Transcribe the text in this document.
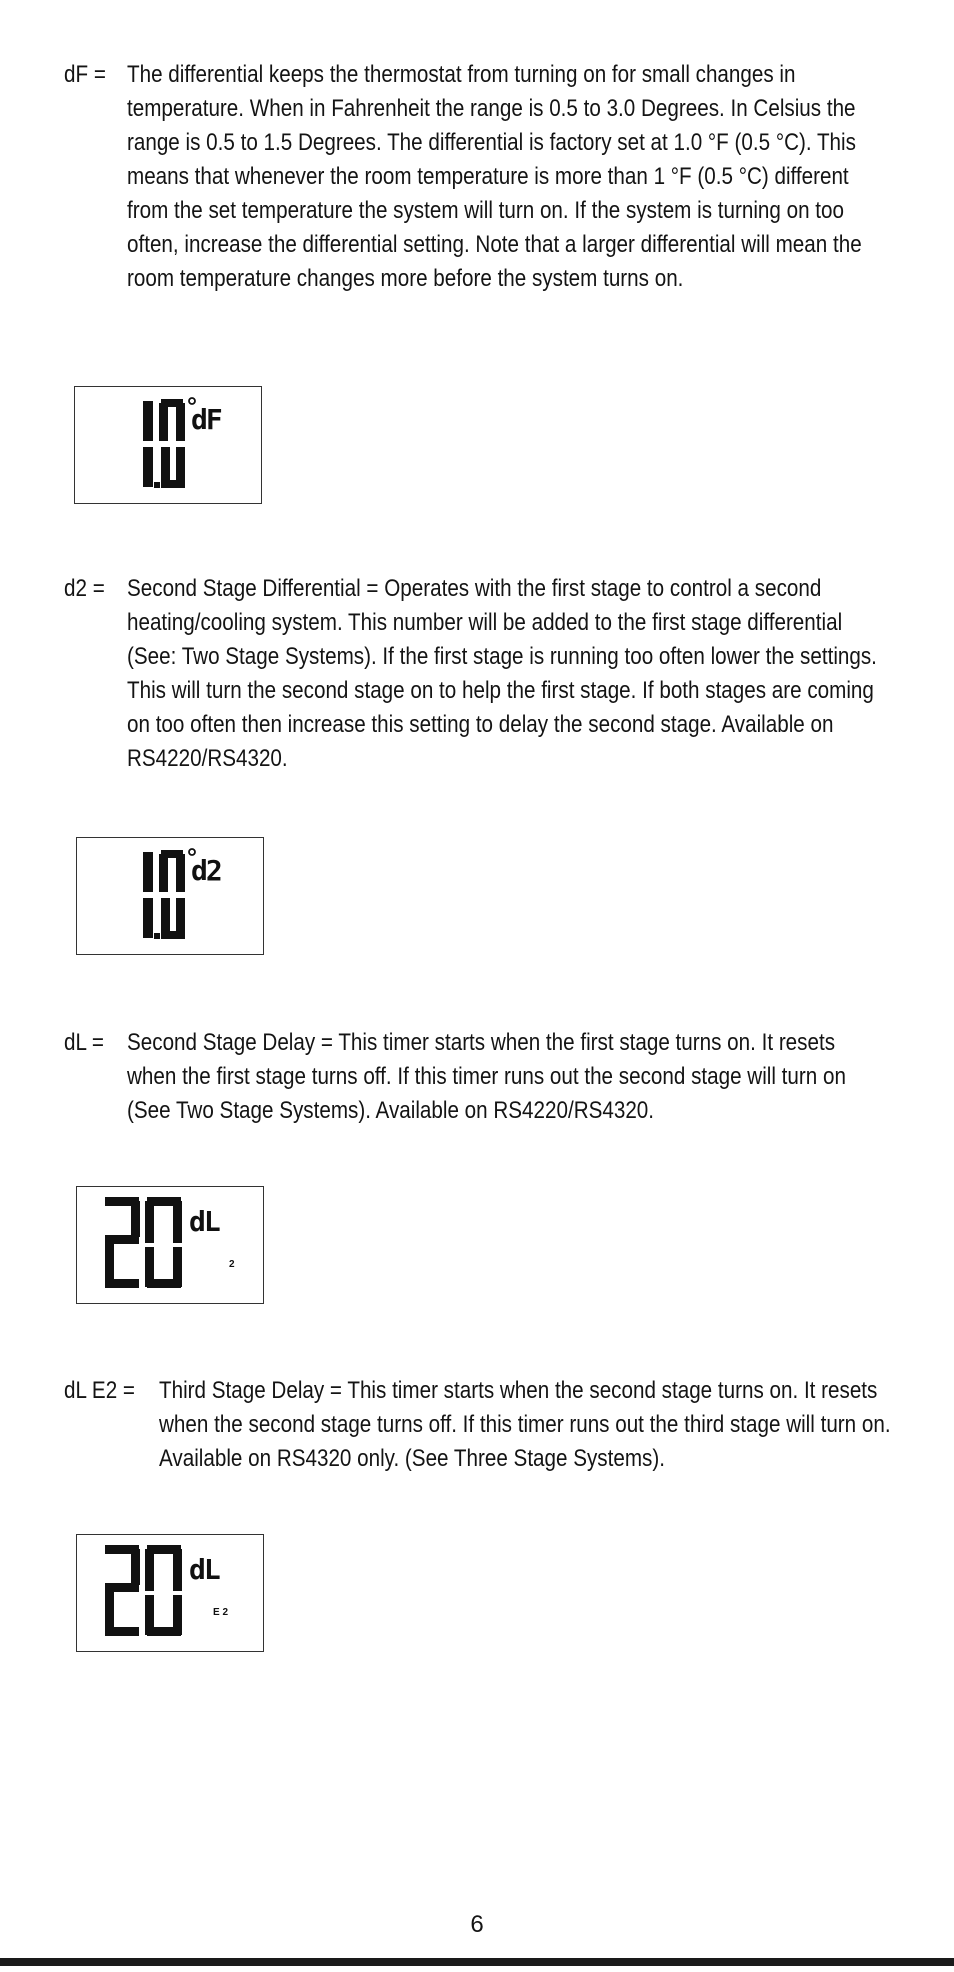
dF = The differential keeps the thermostat from turning on for small changes in temperature. When in Fahrenheit the range is 0.5 to 3.0 Degrees. In Celsius the range is 0.5 to 1.5 Degrees. The differential is factory set at 1.0 °F (0.5 °C). This means that whenever the room temperature is more than 1 °F (0.5 °C) different from the set temperature the system will turn on. If the system is turning on too often, increase the differential setting. Note that a larger differential will mean the room temperature changes more before the system turns on.
dF
d2 = Second Stage Differential = Operates with the first stage to control a second heating/cooling system. This number will be added to the first stage differential (See: Two Stage Systems). If the first stage is running too often lower the settings. This will turn the second stage on to help the first stage. If both stages are coming on too often then increase this setting to delay the second stage. Available on RS4220/RS4320.
d2
dL = Second Stage Delay = This timer starts when the first stage turns on. It resets when the first stage turns off. If this timer runs out the second stage will turn on (See Two Stage Systems). Available on RS4220/RS4320.
dL
2
dL E2 = Third Stage Delay = This timer starts when the second stage turns on. It resets when the second stage turns off. If this timer runs out the third stage will turn on. Available on RS4320 only. (See Three Stage Systems).
dL
E 2
6
